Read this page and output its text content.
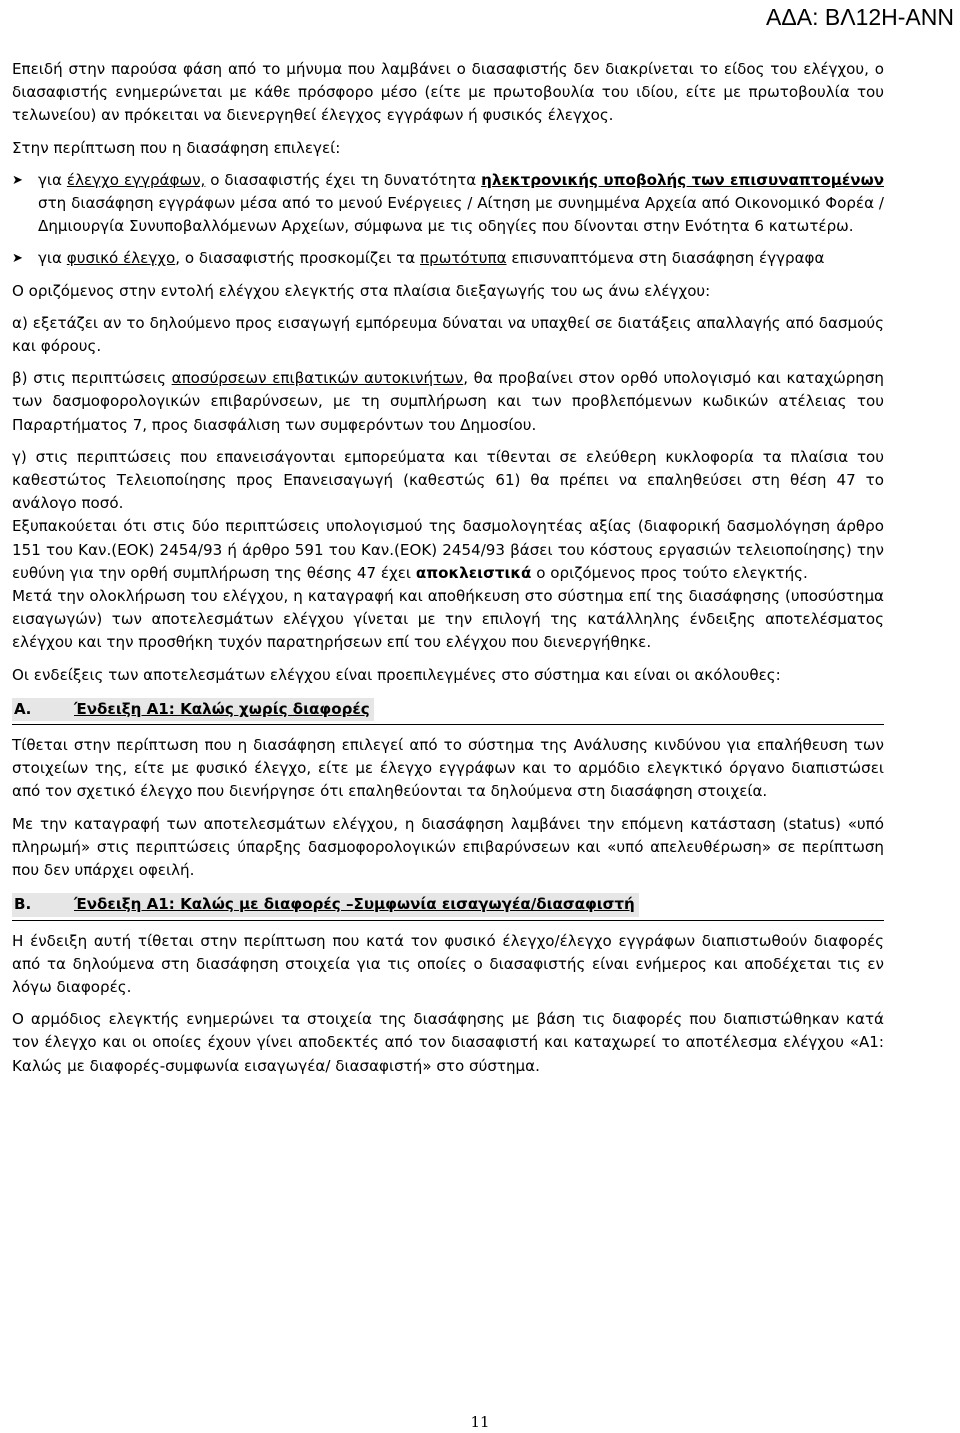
ΑΔΑ: ΒΛ12Η-ΑΝΝ

Επειδή στην παρούσα φάση από το μήνυμα που λαμβάνει ο διασαφιστής δεν διακρίνεται το είδος του ελέγχου, ο διασαφιστής ενημερώνεται με κάθε πρόσφορο μέσο (είτε με πρωτοβουλία του ιδίου, είτε με πρωτοβουλία του τελωνείου) αν πρόκειται να διενεργηθεί έλεγχος εγγράφων ή φυσικός έλεγχος.

Στην περίπτωση που η διασάφηση επιλεγεί:

➤ για έλεγχο εγγράφων, ο διασαφιστής έχει τη δυνατότητα ηλεκτρονικής υποβολής των επισυναπτομένων στη διασάφηση εγγράφων μέσα από το μενού Ενέργειες / Αίτηση με συνημμένα Αρχεία από Οικονομικό Φορέα / Δημιουργία Συνυποβαλλόμενων Αρχείων, σύμφωνα με τις οδηγίες που δίνονται στην Ενότητα 6 κατωτέρω.

➤ για φυσικό έλεγχο, ο διασαφιστής προσκομίζει τα πρωτότυπα επισυναπτόμενα στη διασάφηση έγγραφα

Ο οριζόμενος στην εντολή ελέγχου ελεγκτής στα πλαίσια διεξαγωγής του ως άνω ελέγχου:

α) εξετάζει αν το δηλούμενο προς εισαγωγή εμπόρευμα δύναται να υπαχθεί σε διατάξεις απαλλαγής από δασμούς και φόρους.

β) στις περιπτώσεις αποσύρσεων επιβατικών αυτοκινήτων, θα προβαίνει στον ορθό υπολογισμό και καταχώρηση των δασμοφορολογικών επιβαρύνσεων, με τη συμπλήρωση και των προβλεπόμενων κωδικών ατέλειας του Παραρτήματος 7, προς διασφάλιση των συμφερόντων του Δημοσίου.

γ) στις περιπτώσεις που επανεισάγονται εμπορεύματα και τίθενται σε ελεύθερη κυκλοφορία τα πλαίσια του καθεστώτος Τελειοποίησης προς Επανεισαγωγή (καθεστώς 61) θα πρέπει να επαληθεύσει στη θέση 47 το ανάλογο ποσό.

Εξυπακούεται ότι στις δύο περιπτώσεις υπολογισμού της δασμολογητέας αξίας (διαφορική δασμολόγηση άρθρο 151 του Καν.(ΕΟΚ) 2454/93 ή άρθρο 591 του Καν.(ΕΟΚ) 2454/93 βάσει του κόστους εργασιών τελειοποίησης) την ευθύνη για την ορθή συμπλήρωση της θέσης 47 έχει αποκλειστικά ο οριζόμενος προς τούτο ελεγκτής.

Μετά την ολοκλήρωση του ελέγχου, η καταγραφή και αποθήκευση στο σύστημα επί της διασάφησης (υποσύστημα εισαγωγών) των αποτελεσμάτων ελέγχου γίνεται με την επιλογή της κατάλληλης ένδειξης αποτελέσματος ελέγχου και την προσθήκη τυχόν παρατηρήσεων επί του ελέγχου που διενεργήθηκε.

Οι ενδείξεις των αποτελεσμάτων ελέγχου είναι προεπιλεγμένες στο σύστημα και είναι οι ακόλουθες:

Α.	Ένδειξη Α1: Καλώς χωρίς διαφορές

Τίθεται στην περίπτωση που η διασάφηση επιλεγεί από το σύστημα της Ανάλυσης κινδύνου για επαλήθευση των στοιχείων της, είτε με φυσικό έλεγχο, είτε με έλεγχο εγγράφων και το αρμόδιο ελεγκτικό όργανο διαπιστώσει από τον σχετικό έλεγχο που διενήργησε ότι επαληθεύονται τα δηλούμενα στη διασάφηση στοιχεία.

Με την καταγραφή των αποτελεσμάτων ελέγχου, η διασάφηση λαμβάνει την επόμενη κατάσταση (status) «υπό πληρωμή» στις περιπτώσεις ύπαρξης δασμοφορολογικών επιβαρύνσεων και «υπό απελευθέρωση» σε περίπτωση που δεν υπάρχει οφειλή.

Β.	Ένδειξη Α1: Καλώς με διαφορές –Συμφωνία εισαγωγέα/διασαφιστή

Η ένδειξη αυτή τίθεται στην περίπτωση που κατά τον φυσικό έλεγχο/έλεγχο εγγράφων διαπιστωθούν διαφορές από τα δηλούμενα στη διασάφηση στοιχεία για τις οποίες ο διασαφιστής είναι ενήμερος και αποδέχεται τις εν λόγω διαφορές.

Ο αρμόδιος ελεγκτής ενημερώνει τα στοιχεία της διασάφησης με βάση τις διαφορές που διαπιστώθηκαν κατά τον έλεγχο και οι οποίες έχουν γίνει αποδεκτές από τον διασαφιστή και καταχωρεί το αποτέλεσμα ελέγχου «Α1: Καλώς με διαφορές-συμφωνία εισαγωγέα/ διασαφιστή» στο σύστημα.

11
